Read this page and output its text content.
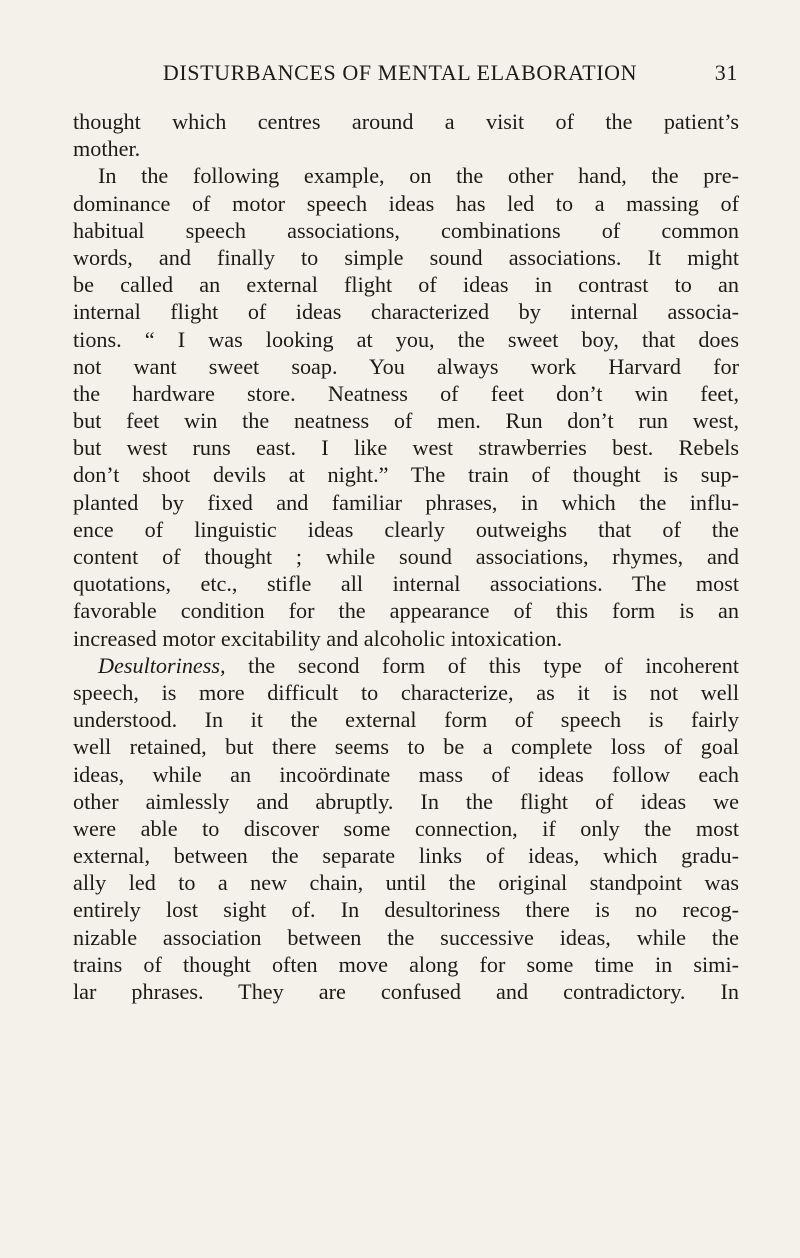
DISTURBANCES OF MENTAL ELABORATION	31
thought which centres around a visit of the patient’s
mother.
In the following example, on the other hand, the pre-
dominance of motor speech ideas has led to a massing of
habitual speech associations, combinations of common
words, and finally to simple sound associations. It might
be called an external flight of ideas in contrast to an
internal flight of ideas characterized by internal associa-
tions. “ I was looking at you, the sweet boy, that does
not want sweet soap. You always work Harvard for
the hardware store. Neatness of feet don’t win feet,
but feet win the neatness of men. Run don’t run west,
but west runs east. I like west strawberries best. Rebels
don’t shoot devils at night.” The train of thought is sup-
planted by fixed and familiar phrases, in which the influ-
ence of linguistic ideas clearly outweighs that of the
content of thought ; while sound associations, rhymes, and
quotations, etc., stifle all internal associations. The most
favorable condition for the appearance of this form is an
increased motor excitability and alcoholic intoxication.
Desultoriness, the second form of this type of incoherent
speech, is more difficult to characterize, as it is not well
understood. In it the external form of speech is fairly
well retained, but there seems to be a complete loss of goal
ideas, while an incoördinate mass of ideas follow each
other aimlessly and abruptly. In the flight of ideas we
were able to discover some connection, if only the most
external, between the separate links of ideas, which gradu-
ally led to a new chain, until the original standpoint was
entirely lost sight of. In desultoriness there is no recog-
nizable association between the successive ideas, while the
trains of thought often move along for some time in simi-
lar phrases. They are confused and contradictory. In
